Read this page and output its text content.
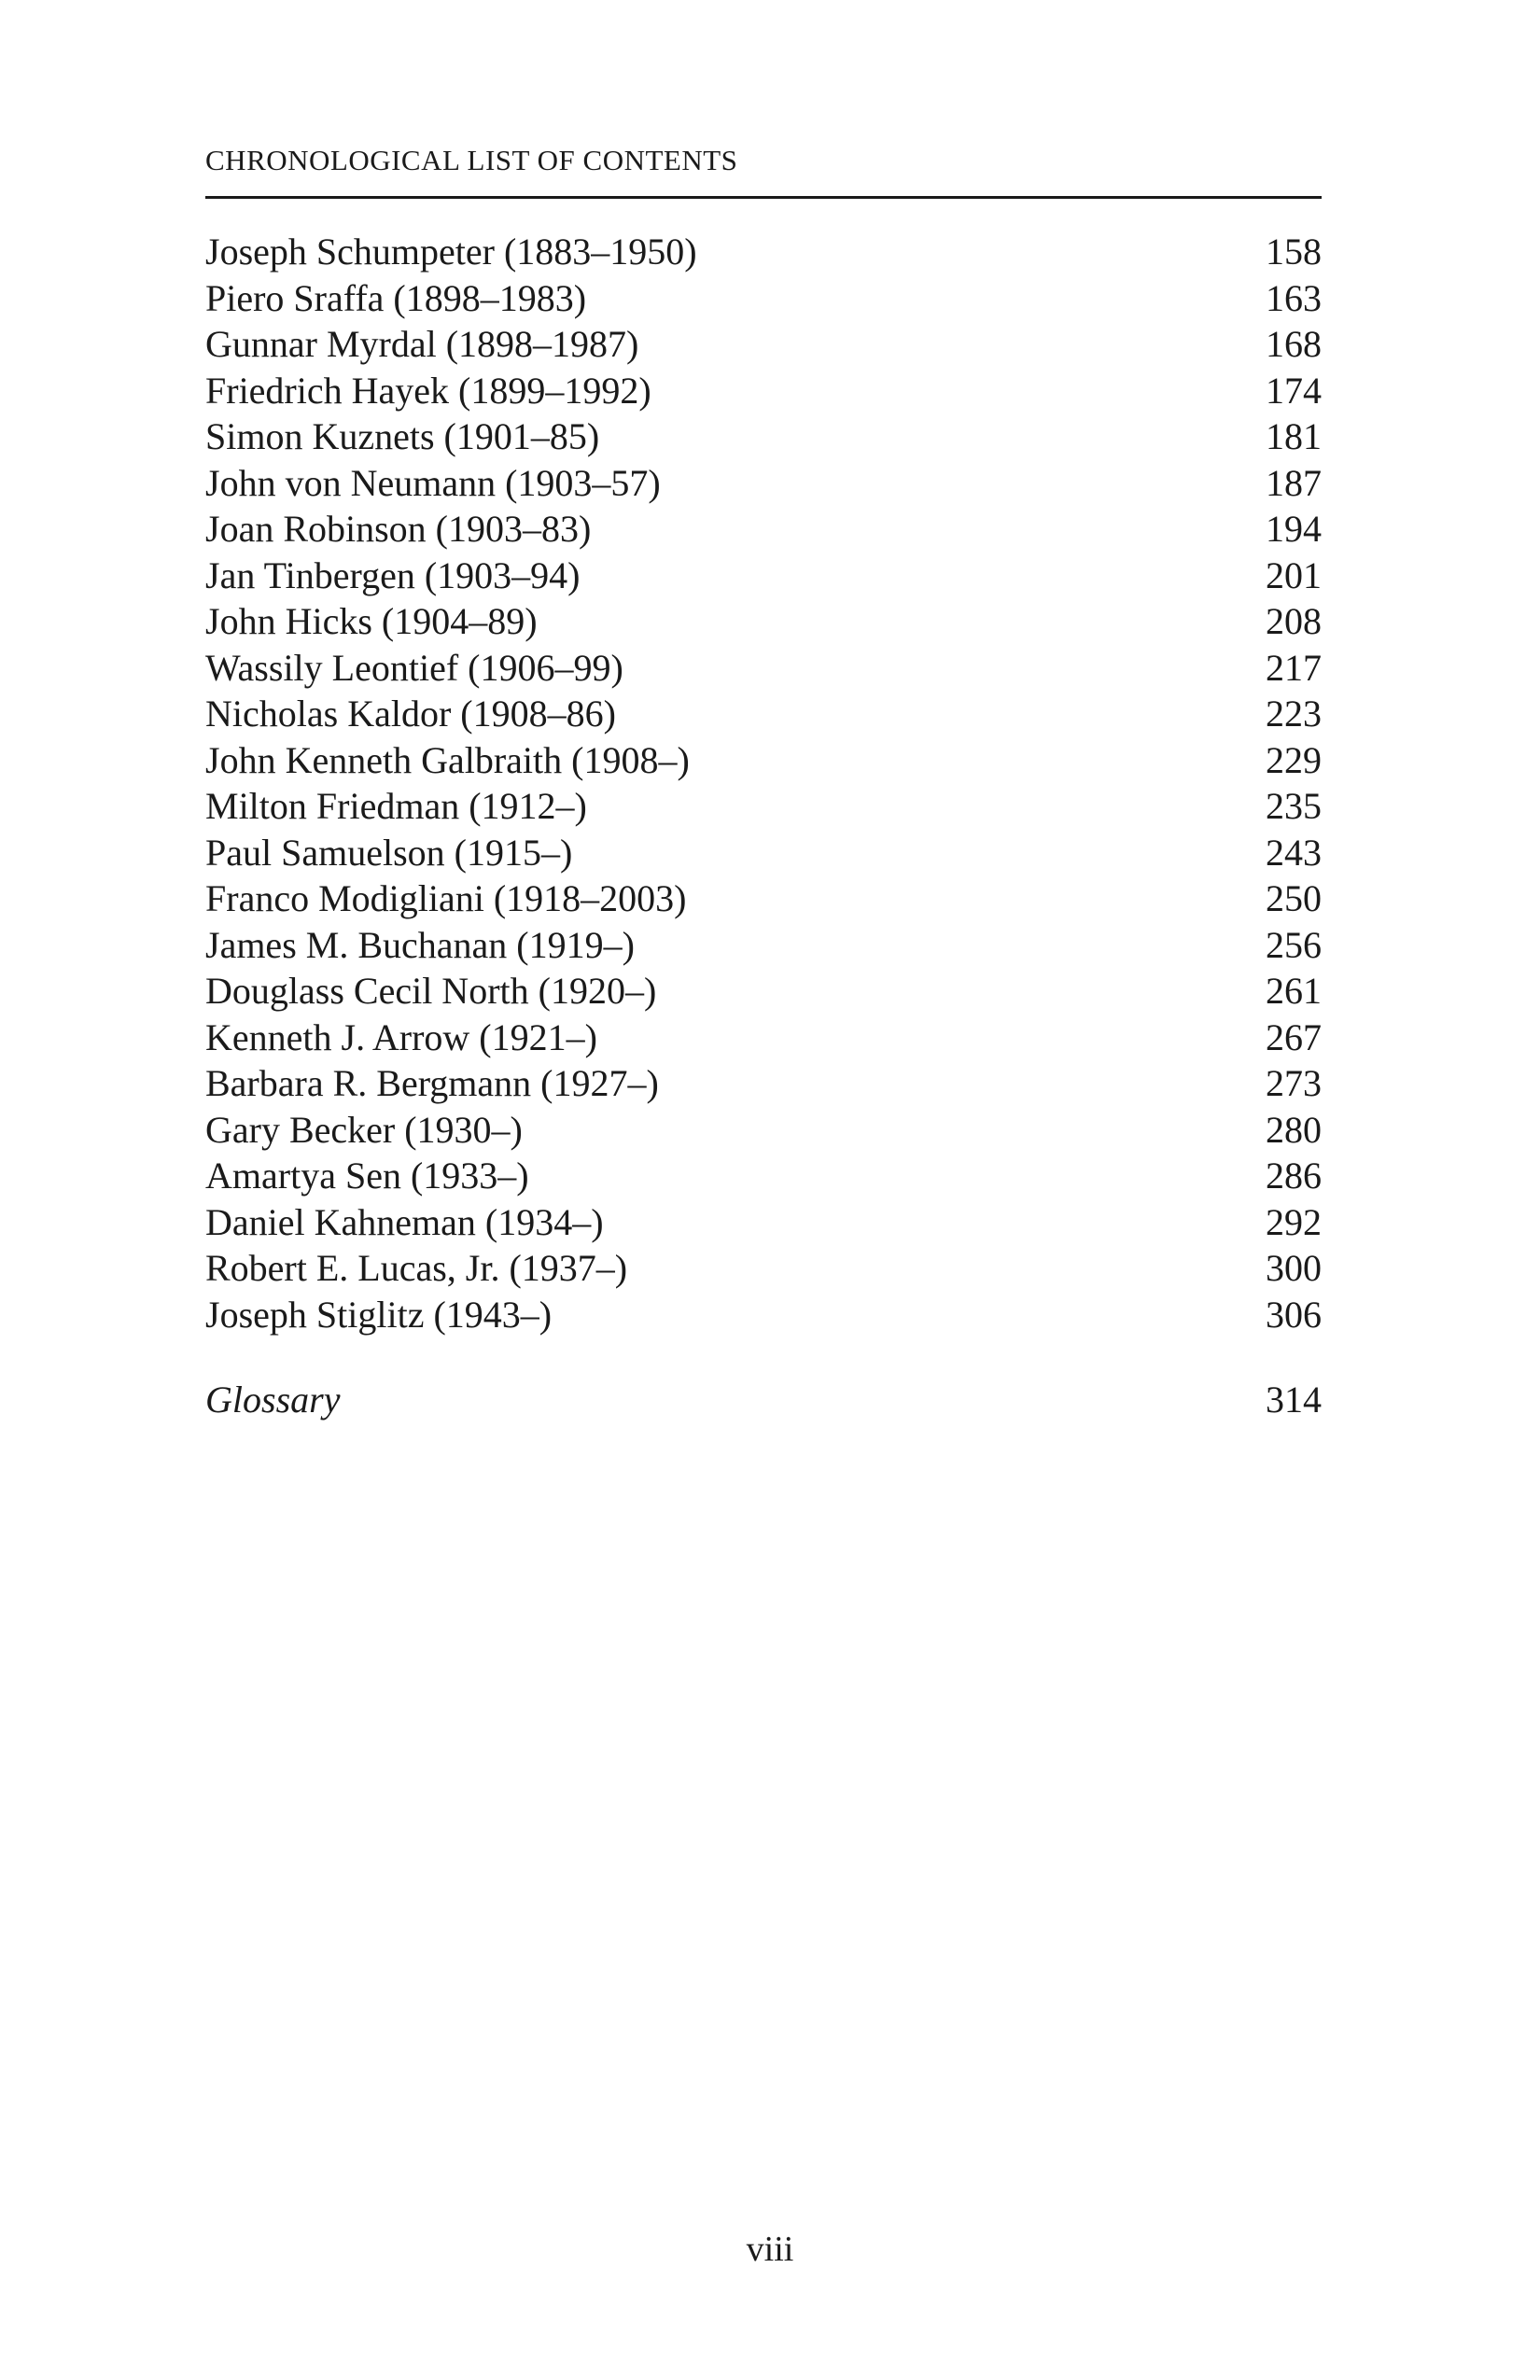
CHRONOLOGICAL LIST OF CONTENTS
Joseph Schumpeter (1883–1950)	158
Piero Sraffa (1898–1983)	163
Gunnar Myrdal (1898–1987)	168
Friedrich Hayek (1899–1992)	174
Simon Kuznets (1901–85)	181
John von Neumann (1903–57)	187
Joan Robinson (1903–83)	194
Jan Tinbergen (1903–94)	201
John Hicks (1904–89)	208
Wassily Leontief (1906–99)	217
Nicholas Kaldor (1908–86)	223
John Kenneth Galbraith (1908–)	229
Milton Friedman (1912–)	235
Paul Samuelson (1915–)	243
Franco Modigliani (1918–2003)	250
James M. Buchanan (1919–)	256
Douglass Cecil North (1920–)	261
Kenneth J. Arrow (1921–)	267
Barbara R. Bergmann (1927–)	273
Gary Becker (1930–)	280
Amartya Sen (1933–)	286
Daniel Kahneman (1934–)	292
Robert E. Lucas, Jr. (1937–)	300
Joseph Stiglitz (1943–)	306
Glossary	314
viii
